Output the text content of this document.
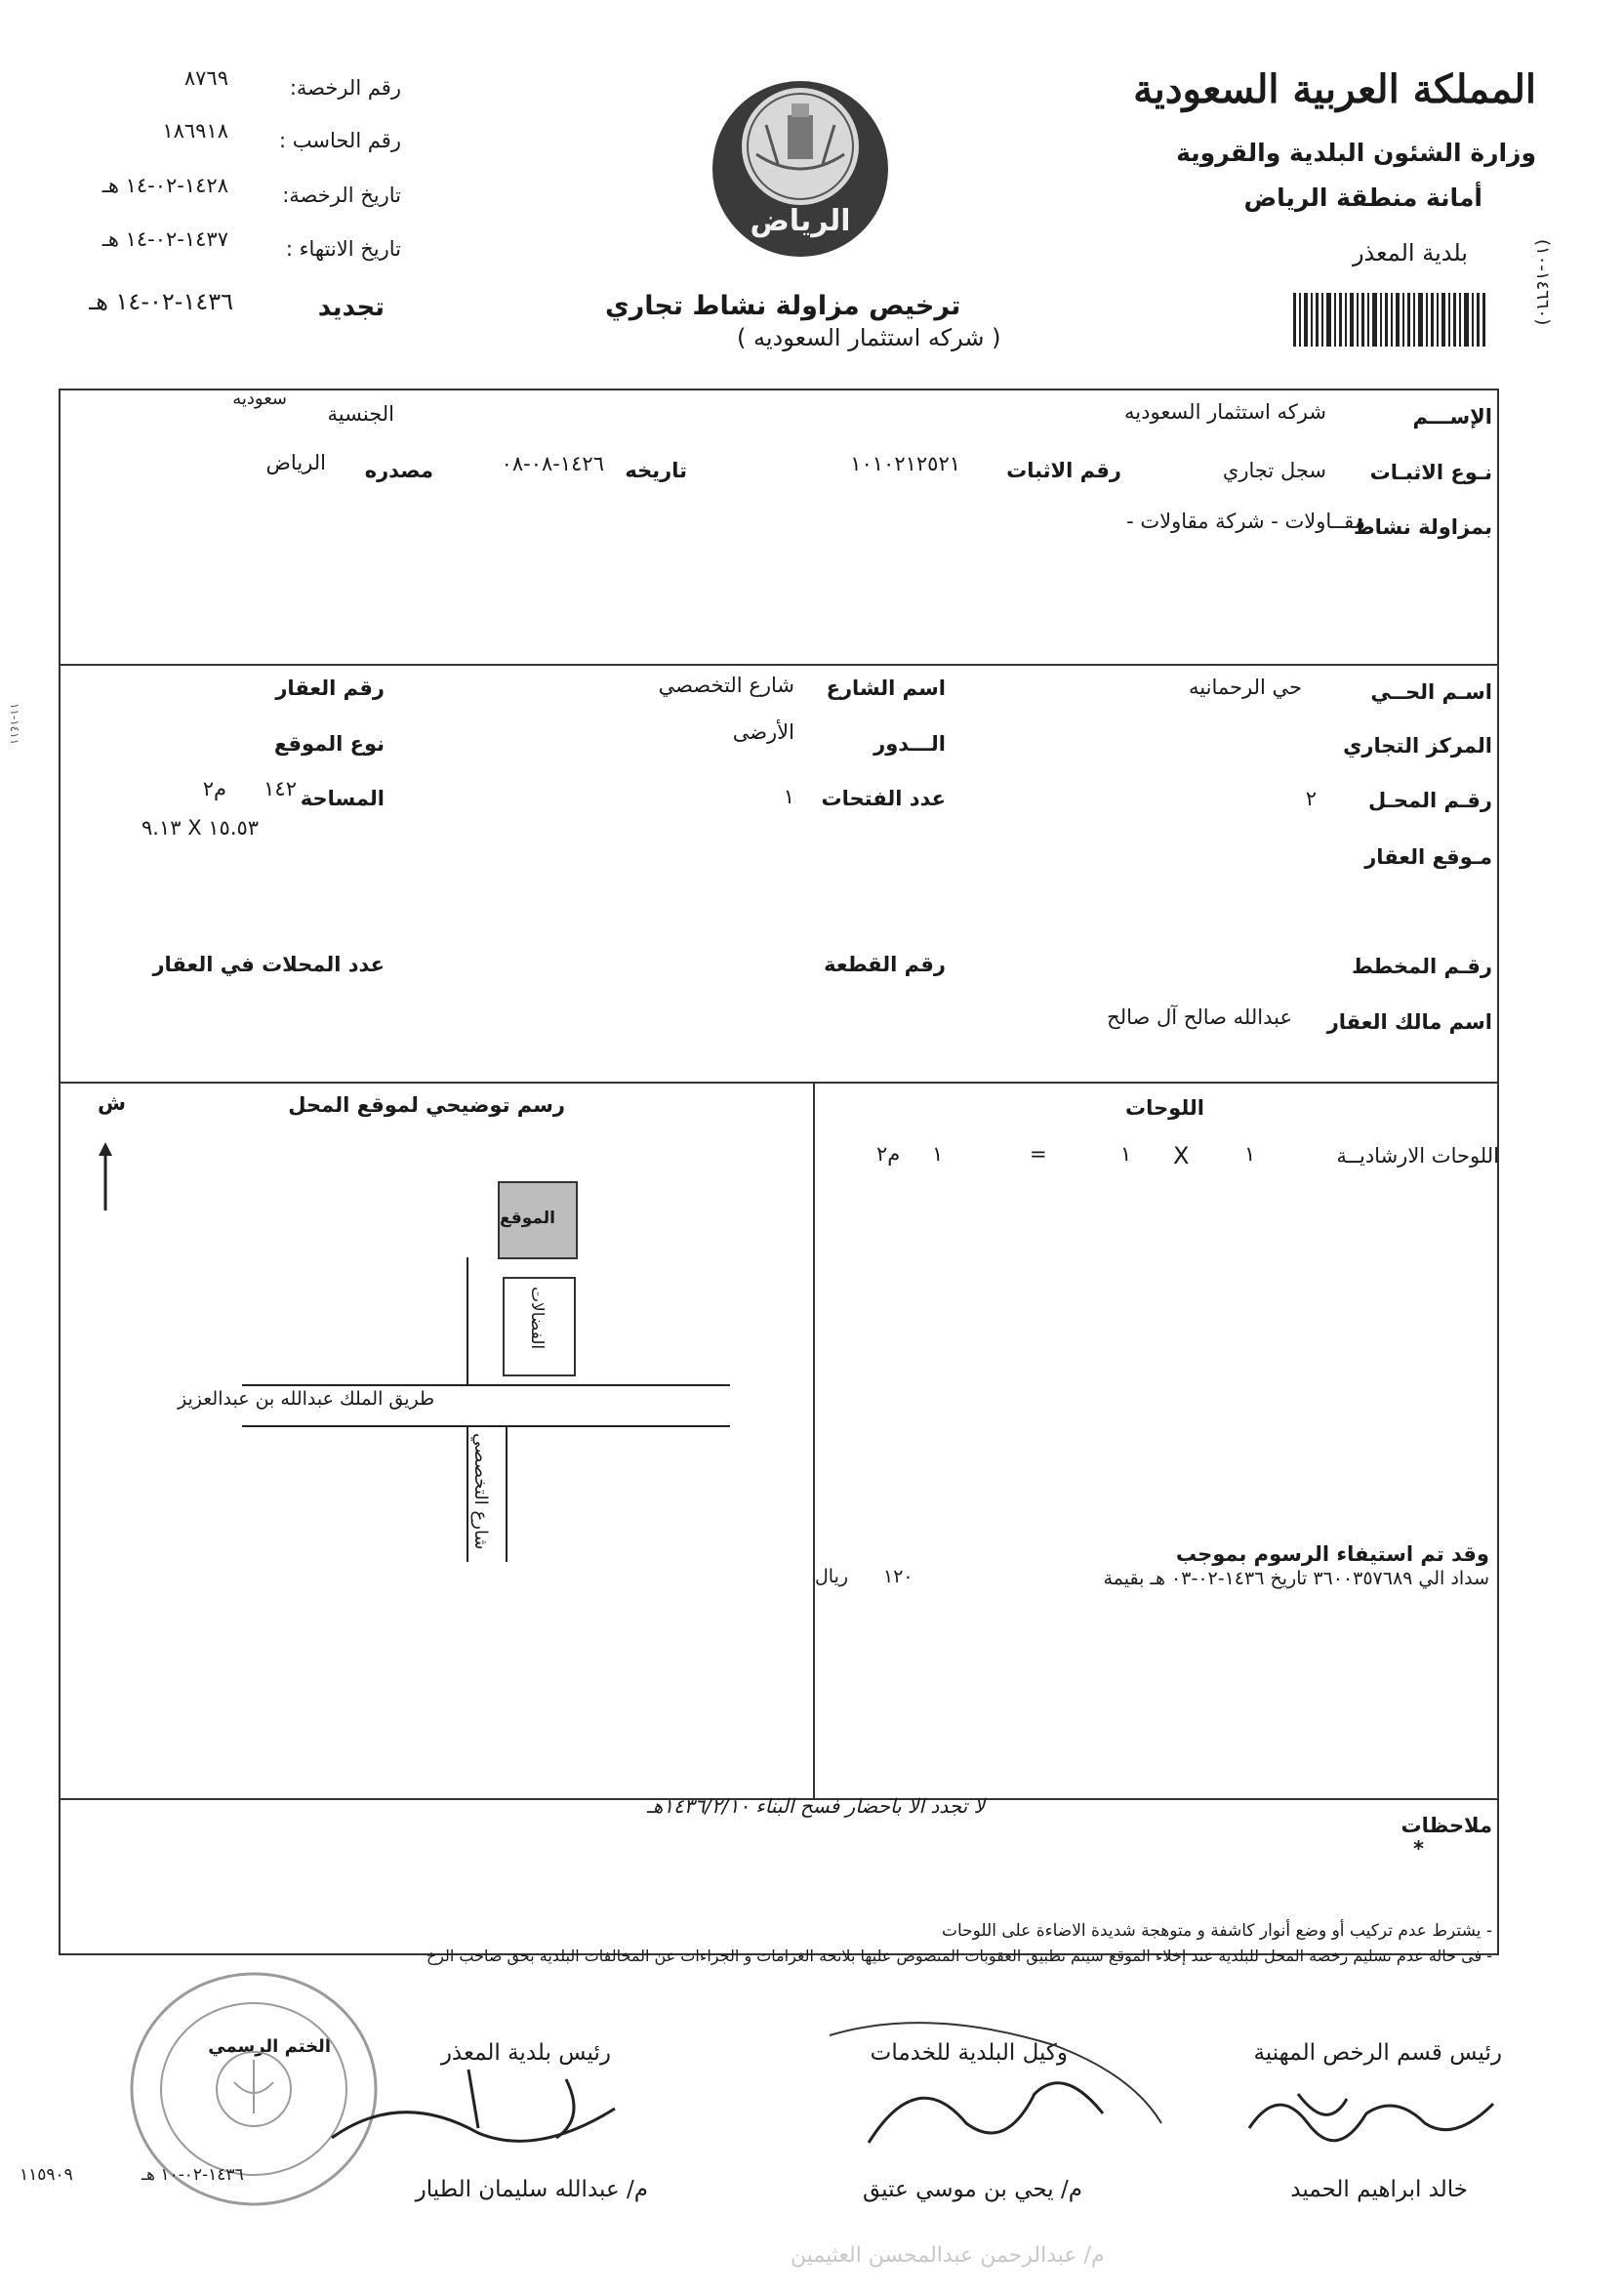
المملكة العربية السعودية
وزارة الشئون البلدية والقروية
أمانة منطقة الرياض
بلدية المعذر	(١٤٦٦٠-١٠)
١٤١١-١١
الرياض
رقم الرخصة:
٨٧٦٩
رقم الحاسب :
١٨٦٩١٨
تاريخ الرخصة:
١٤٢٨-٠٢-١٤ هـ
تاريخ الانتهاء :
١٤٣٧-٠٢-١٤ هـ
تجديد
١٤٣٦-٠٢-١٤ هـ	ترخيص مزاولة نشاط تجاري
( شركه استثمار السعوديه )
الإســـم
شركه استثمار السعوديه
الجنسية
سعوديه
نـوع الاثبـات
سجل تجاري
رقم الاثبات
١٠١٠٢١٢٥٢١
تاريخه
١٤٢٦-٠٨-٠٨
مصدره
الرياض
بمزاولة نشاط
مقــاولات - شركة مقاولات -
اسـم الحــي
حي الرحمانيه
اسم الشارع
شارع التخصصي
رقم العقار
المركز التجاري
الـــدور
الأرضى
نوع الموقع
رقـم المحـل
٢
عدد الفتحات
١
المساحة
١٤٢
م٢
٩.١٣ X ١٥.٥٣
مـوقع العقار
رقـم المخطط
رقم القطعة
عدد المحلات في العقار
اسم مالك العقار
عبدالله صالح آل صالح
اللوحات
اللوحات الارشاديــة
١
X
١
=
١
م٢
وقد تم استيفاء الرسوم بموجب
سداد الي ٣٦٠٠٣٥٧٦٨٩ تاريخ ١٤٣٦-٠٢-٠٣ هـ بقيمة
١٢٠
ريال
رسم توضيحي لموقع المحل
ش
الموقع
الفضالات
طريق الملك عبدالله بن عبدالعزيز
شارع التخصصي
ملاحظات
*
لا تجدد الا باحضار فسح البناء ١٤٣٦/٢/١٠هـ
- يشترط عدم تركيب أو وضع أنوار كاشفة و متوهجة شديدة الاضاءة على اللوحات
- فى حالة عدم تسليم رخصة المحل للبلدية عند إخلاء الموقع سيتم تطبيق العقوبات المنصوص عليها بلانحة الغرامات و الجزاءات عن المخالفات البلدية بحق صاحب الرخ
رئيس قسم الرخص المهنية
خالد ابراهيم الحميد
وكيل البلدية للخدمات
م/ يحي بن موسي عتيق
رئيس بلدية المعذر
م/ عبدالله سليمان الطيار
الختم الرسمي
١٤٣٦-٠٢-١٠ هـ
١١٥٩٠٩
م/ عبدالرحمن عبدالمحسن العثيمين
